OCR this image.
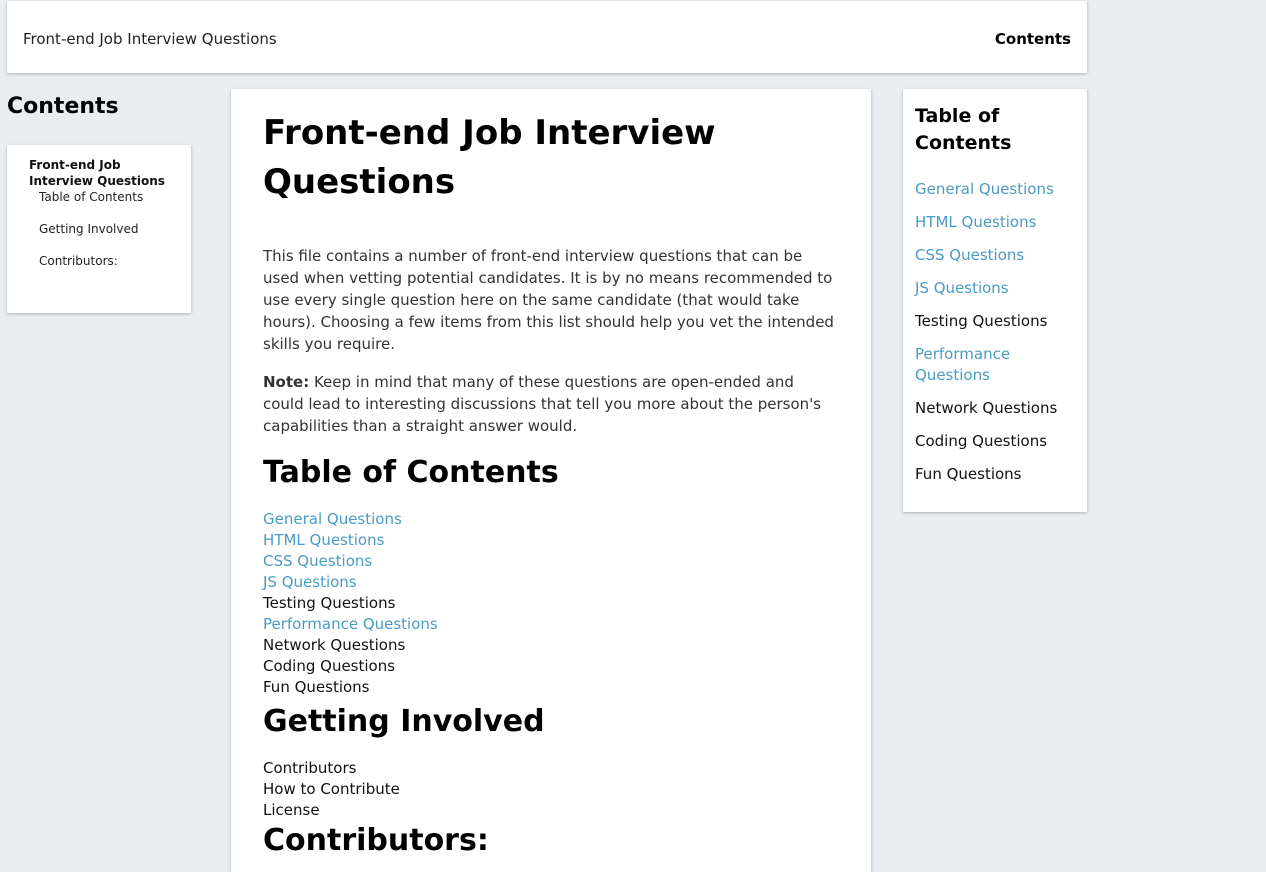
Front-end Job Interview Questions	Contents
Contents
Front-end Job Interview Questions
Table of Contents
Getting Involved
Contributors:
Front-end Job Interview Questions

This file contains a number of front-end interview questions that can be used when vetting potential candidates. It is by no means recommended to use every single question here on the same candidate (that would take hours). Choosing a few items from this list should help you vet the intended skills you require.

Note: Keep in mind that many of these questions are open-ended and could lead to interesting discussions that tell you more about the person's capabilities than a straight answer would.

Table of Contents
General Questions
HTML Questions
CSS Questions
JS Questions
Testing Questions
Performance Questions
Network Questions
Coding Questions
Fun Questions
Getting Involved
Contributors
How to Contribute
License
Contributors:
Table of Contents
General Questions
HTML Questions
CSS Questions
JS Questions
Testing Questions
Performance Questions
Network Questions
Coding Questions
Fun Questions
